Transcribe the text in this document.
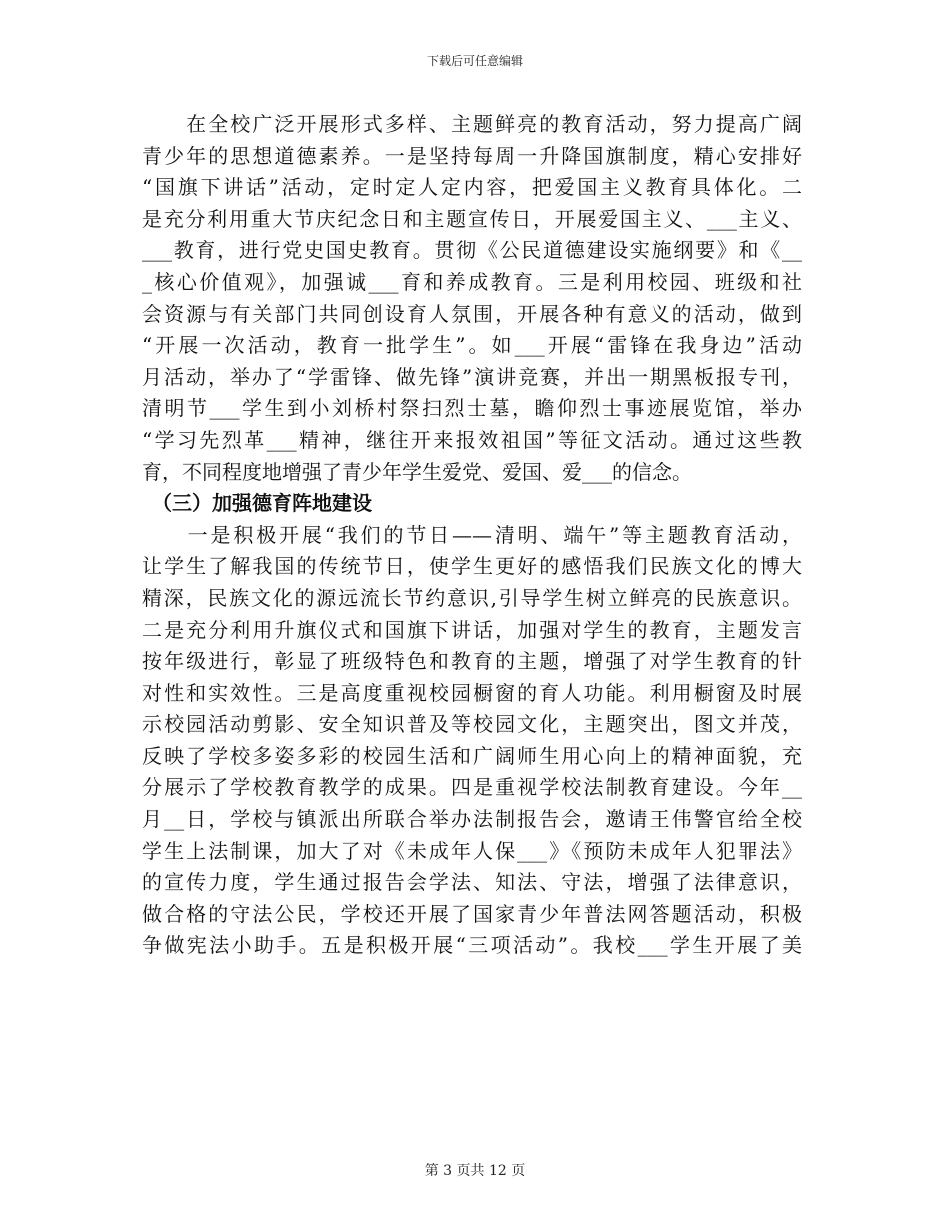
下载后可任意编辑
　　在全校广泛开展形式多样、主题鲜亮的教育活动，努力提高广阔
青少年的思想道德素养。一是坚持每周一升降国旗制度，精心安排好
“国旗下讲话”活动，定时定人定内容，把爱国主义教育具体化。二
是充分利用重大节庆纪念日和主题宣传日，开展爱国主义、___主义、
___教育，进行党史国史教育。贯彻《公民道德建设实施纲要》和《__
_核心价值观》，加强诚___育和养成教育。三是利用校园、班级和社
会资源与有关部门共同创设育人氛围，开展各种有意义的活动，做到
“开展一次活动，教育一批学生”。如___开展“雷锋在我身边”活动
月活动，举办了“学雷锋、做先锋”演讲竞赛，并出一期黑板报专刊，
清明节___学生到小刘桥村祭扫烈士墓，瞻仰烈士事迹展览馆，举办
“学习先烈革___精神，继往开来报效祖国”等征文活动。通过这些教
育，不同程度地增强了青少年学生爱党、爱国、爱___的信念。
　（三）加强德育阵地建设
　　一是积极开展“我们的节日——清明、端午”等主题教育活动，
让学生了解我国的传统节日，使学生更好的感悟我们民族文化的博大
精深，民族文化的源远流长节约意识,引导学生树立鲜亮的民族意识。
二是充分利用升旗仪式和国旗下讲话，加强对学生的教育，主题发言
按年级进行，彰显了班级特色和教育的主题，增强了对学生教育的针
对性和实效性。三是高度重视校园橱窗的育人功能。利用橱窗及时展
示校园活动剪影、安全知识普及等校园文化，主题突出，图文并茂，
反映了学校多姿多彩的校园生活和广阔师生用心向上的精神面貌，充
分展示了学校教育教学的成果。四是重视学校法制教育建设。今年__
月__日，学校与镇派出所联合举办法制报告会，邀请王伟警官给全校
学生上法制课，加大了对《未成年人保___》《预防未成年人犯罪法》
的宣传力度，学生通过报告会学法、知法、守法，增强了法律意识，
做合格的守法公民，学校还开展了国家青少年普法网答题活动，积极
争做宪法小助手。五是积极开展“三项活动”。我校___学生开展了美
第 3 页共 12 页
